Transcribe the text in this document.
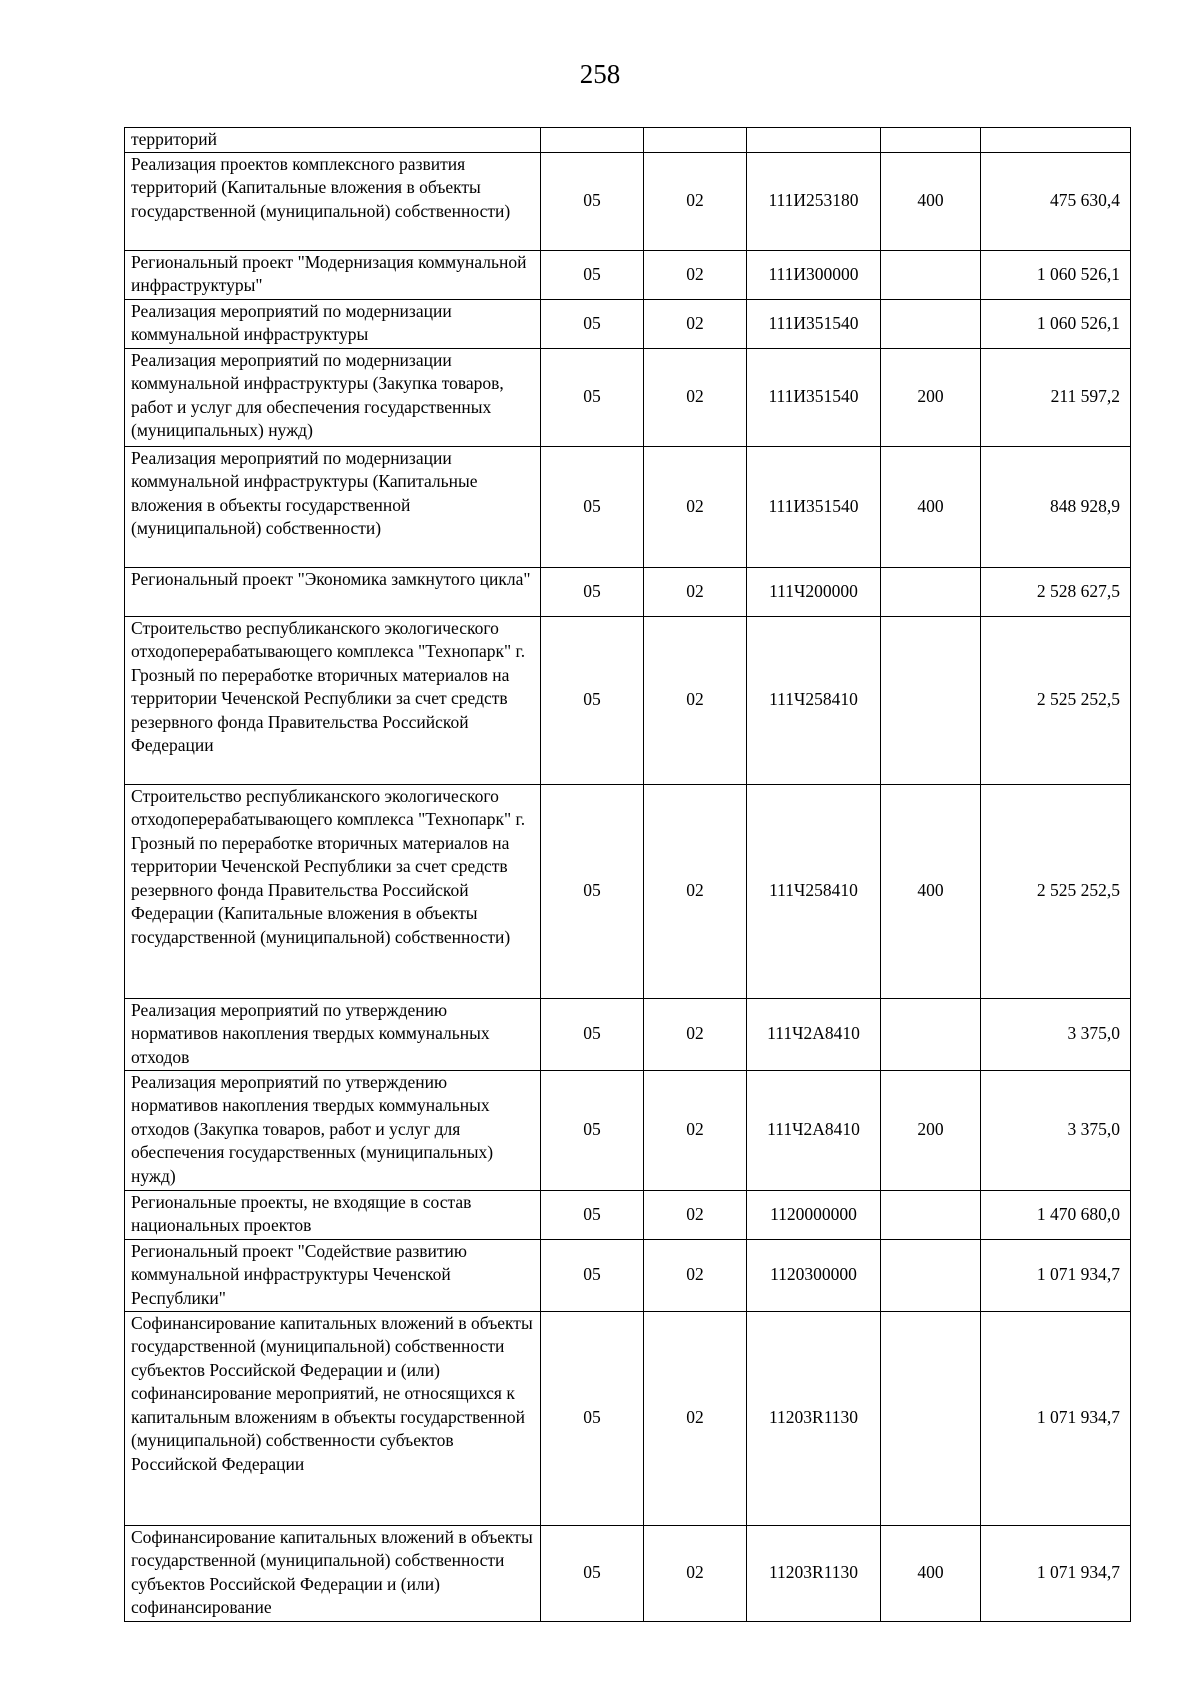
258
территорий					
Реализация проектов комплексного развития территорий (Капитальные вложения в объекты государственной (муниципальной) собственности)	05	02	111И253180	400	475 630,4
Региональный проект "Модернизация коммунальной инфраструктуры"	05	02	111И300000		1 060 526,1
Реализация мероприятий по модернизации коммунальной инфраструктуры	05	02	111И351540		1 060 526,1
Реализация мероприятий по модернизации коммунальной инфраструктуры (Закупка товаров, работ и услуг для обеспечения государственных (муниципальных) нужд)	05	02	111И351540	200	211 597,2
Реализация мероприятий по модернизации коммунальной инфраструктуры (Капитальные вложения в объекты государственной (муниципальной) собственности)	05	02	111И351540	400	848 928,9
Региональный проект "Экономика замкнутого цикла"	05	02	111Ч200000		2 528 627,5
Строительство республиканского экологического отходоперерабатывающего комплекса "Технопарк" г. Грозный по переработке вторичных материалов на территории Чеченской Республики за счет средств резервного фонда Правительства Российской Федерации	05	02	111Ч258410		2 525 252,5
Строительство республиканского экологического отходоперерабатывающего комплекса "Технопарк" г. Грозный по переработке вторичных материалов на территории Чеченской Республики за счет средств резервного фонда Правительства Российской Федерации (Капитальные вложения в объекты государственной (муниципальной) собственности)	05	02	111Ч258410	400	2 525 252,5
Реализация мероприятий по утверждению нормативов накопления твердых коммунальных отходов	05	02	111Ч2А8410		3 375,0
Реализация мероприятий по утверждению нормативов накопления твердых коммунальных отходов (Закупка товаров, работ и услуг для обеспечения государственных (муниципальных) нужд)	05	02	111Ч2А8410	200	3 375,0
Региональные проекты, не входящие в состав национальных проектов	05	02	1120000000		1 470 680,0
Региональный проект "Содействие развитию коммунальной инфраструктуры Чеченской Республики"	05	02	1120300000		1 071 934,7
Софинансирование капитальных вложений в объекты государственной (муниципальной) собственности субъектов Российской Федерации и (или) софинансирование мероприятий, не относящихся к капитальным вложениям в объекты государственной (муниципальной) собственности субъектов Российской Федерации	05	02	11203R1130		1 071 934,7
Софинансирование капитальных вложений в объекты государственной (муниципальной) собственности субъектов Российской Федерации и (или) софинансирование	05	02	11203R1130	400	1 071 934,7
